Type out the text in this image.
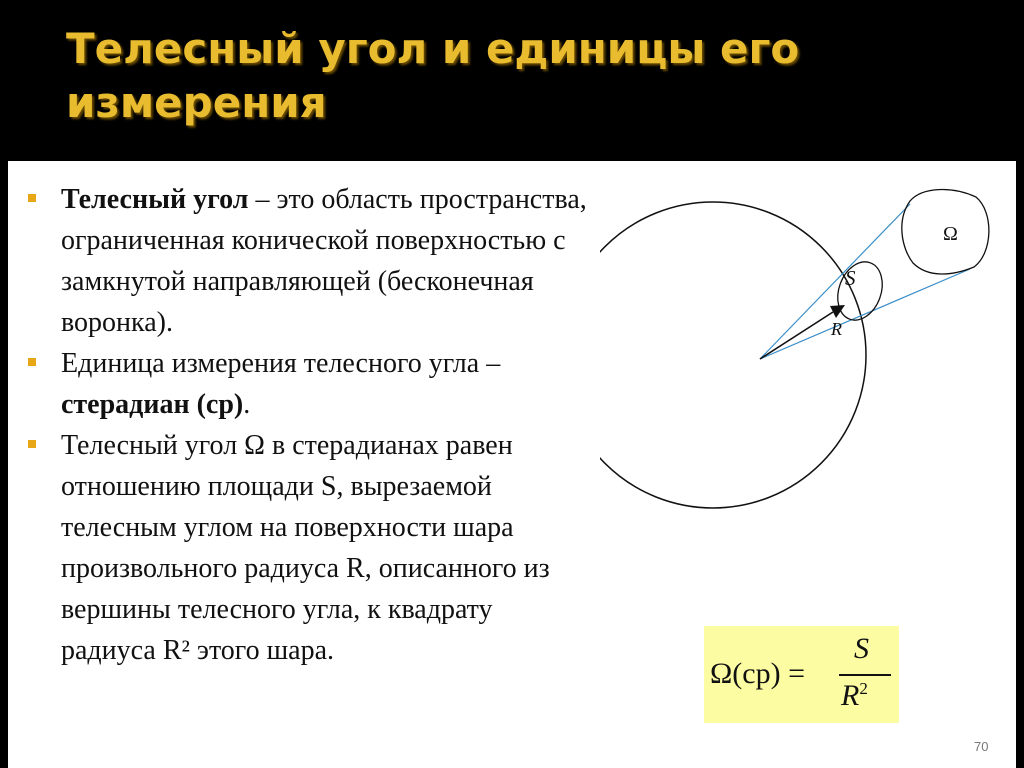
Телесный угол и единицы его измерения
Телесный угол – это область пространства, ограниченная конической поверхностью с замкнутой направляющей (бесконечная воронка).
Единица измерения телесного угла – стерадиан (ср).
Телесный угол Ω в стерадианах равен отношению площади S, вырезаемой телесным углом на поверхности шара произвольного радиуса R, описанного из вершины телесного угла, к квадрату радиуса R² этого шара.
Ω
S
R
Ω(ср) =
S
$R^2$
70
